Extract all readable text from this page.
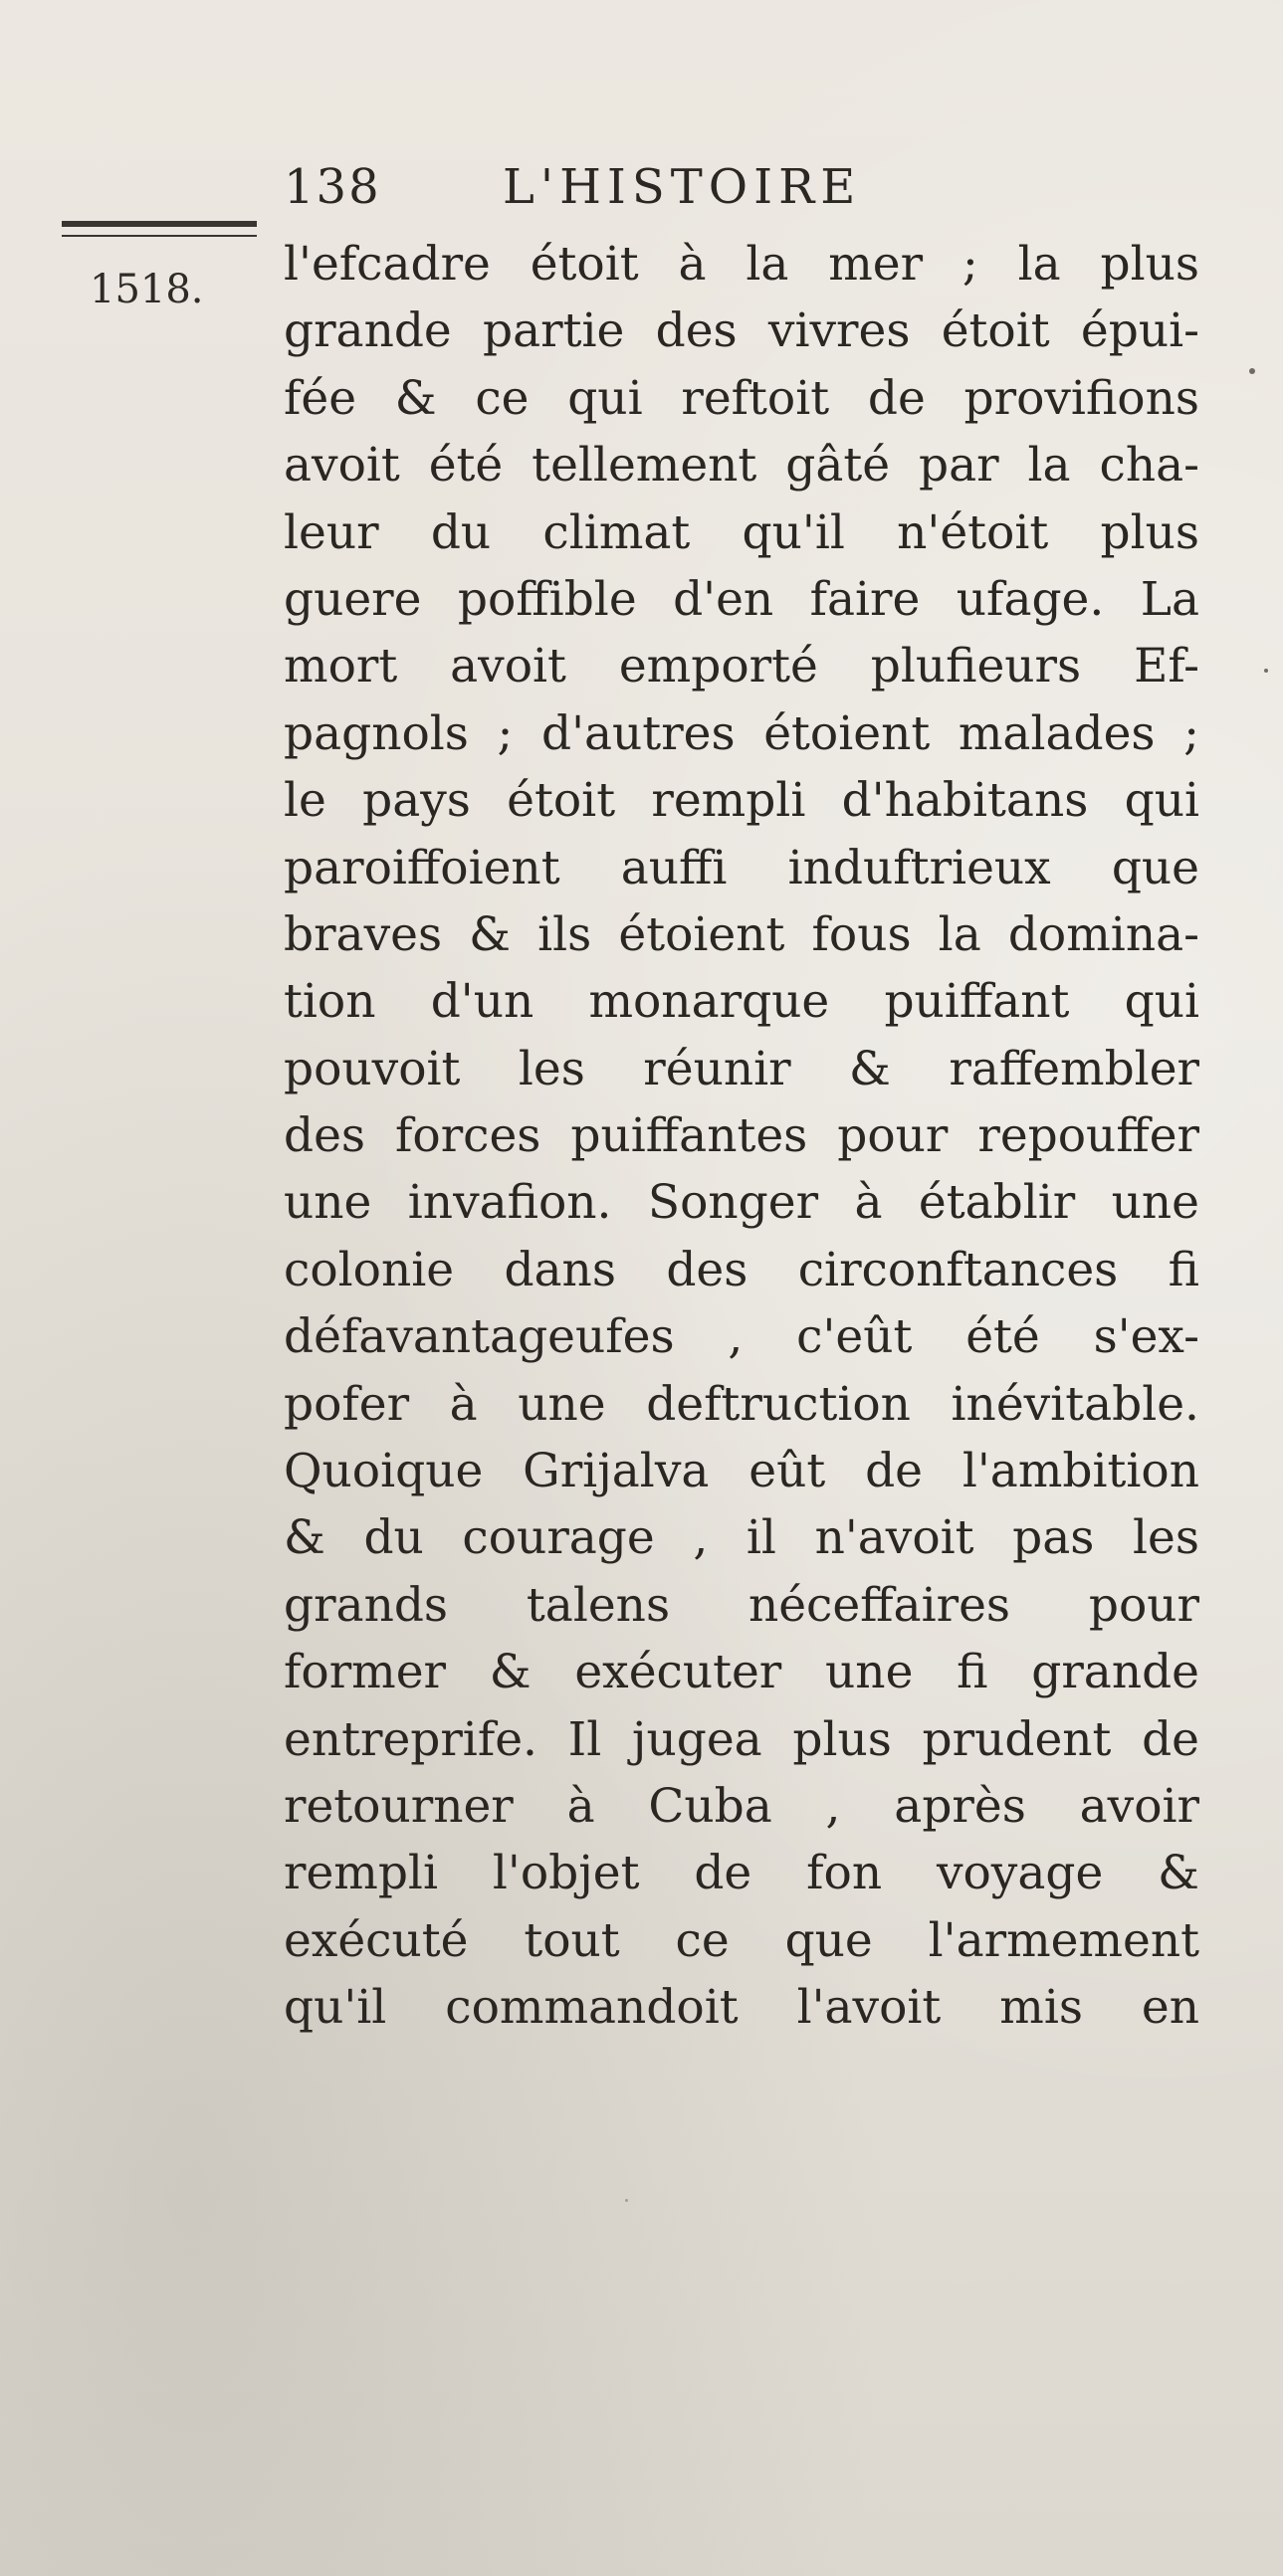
138	L'HISTOIRE
1518. l'efcadre étoit à la mer ; la plus
grande partie des vivres étoit épui-
fée & ce qui reftoit de provifions
avoit été tellement gâté par la cha-
leur du climat qu'il n'étoit plus
guere poffible d'en faire ufage. La
mort avoit emporté plufieurs Ef-
pagnols ; d'autres étoient malades ;
le pays étoit rempli d'habitans qui
paroiffoient auffi induftrieux que
braves & ils étoient fous la domina-
tion d'un monarque puiffant qui
pouvoit les réunir & raffembler
des forces puiffantes pour repouffer
une invafion. Songer à établir une
colonie dans des circonftances fi
défavantageufes , c'eût été s'ex-
pofer à une deftruction inévitable.
Quoique Grijalva eût de l'ambition
& du courage , il n'avoit pas les
grands talens néceffaires pour
former & exécuter une fi grande
entreprife. Il jugea plus prudent de
retourner à Cuba , après avoir
rempli l'objet de fon voyage &
exécuté tout ce que l'armement
qu'il commandoit l'avoit mis en
